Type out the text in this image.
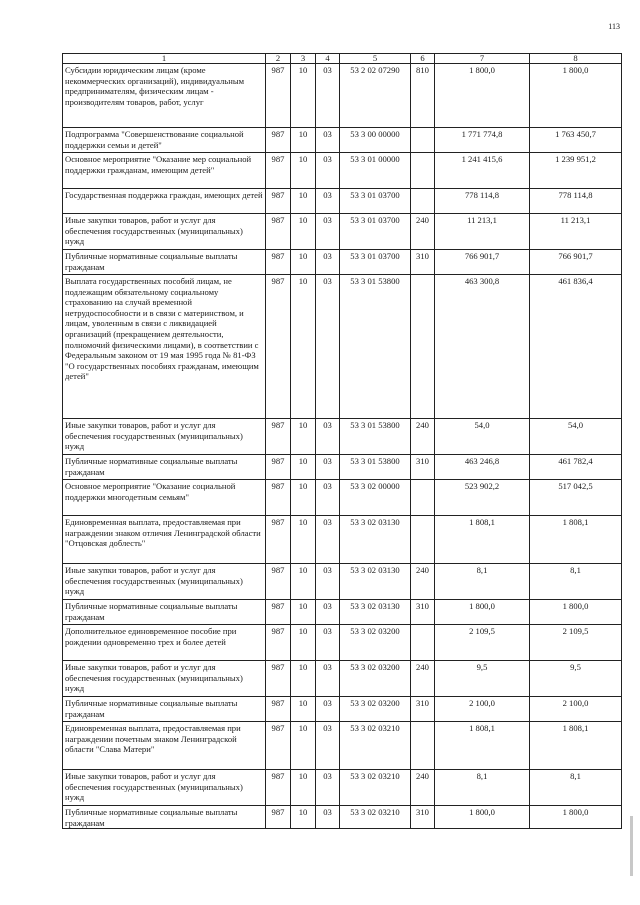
113
1	2	3	4	5	6	7	8
Субсидии юридическим лицам (кроме некоммерческих организаций), индивидуальным предпринимателям, физическим лицам - производителям товаров, работ, услуг	987	10	03	53 2 02 07290	810	1 800,0	1 800,0
Подпрограмма "Совершенствование социальной поддержки семьи и детей"	987	10	03	53 3 00 00000		1 771 774,8	1 763 450,7
Основное мероприятие "Оказание мер социальной поддержки гражданам, имеющим детей"	987	10	03	53 3 01 00000		1 241 415,6	1 239 951,2
Государственная поддержка граждан, имеющих детей	987	10	03	53 3 01 03700		778 114,8	778 114,8
Иные закупки товаров, работ и услуг для обеспечения государственных (муниципальных) нужд	987	10	03	53 3 01 03700	240	11 213,1	11 213,1
Публичные нормативные социальные выплаты гражданам	987	10	03	53 3 01 03700	310	766 901,7	766 901,7
Выплата государственных пособий лицам, не подлежащим обязательному социальному страхованию на случай временной нетрудоспособности и в связи с материнством, и лицам, уволенным в связи с ликвидацией организаций (прекращением деятельности, полномочий физическими лицами), в соответствии с Федеральным законом от 19 мая 1995 года № 81-ФЗ "О государственных пособиях гражданам, имеющим детей"	987	10	03	53 3 01 53800		463 300,8	461 836,4
Иные закупки товаров, работ и услуг для обеспечения государственных (муниципальных) нужд	987	10	03	53 3 01 53800	240	54,0	54,0
Публичные нормативные социальные выплаты гражданам	987	10	03	53 3 01 53800	310	463 246,8	461 782,4
Основное мероприятие "Оказание социальной поддержки многодетным семьям"	987	10	03	53 3 02 00000		523 902,2	517 042,5
Единовременная выплата, предоставляемая при награждении знаком отличия Ленинградской области "Отцовская доблесть"	987	10	03	53 3 02 03130		1 808,1	1 808,1
Иные закупки товаров, работ и услуг для обеспечения государственных (муниципальных) нужд	987	10	03	53 3 02 03130	240	8,1	8,1
Публичные нормативные социальные выплаты гражданам	987	10	03	53 3 02 03130	310	1 800,0	1 800,0
Дополнительное единовременное пособие при рождении одновременно трех и более детей	987	10	03	53 3 02 03200		2 109,5	2 109,5
Иные закупки товаров, работ и услуг для обеспечения государственных (муниципальных) нужд	987	10	03	53 3 02 03200	240	9,5	9,5
Публичные нормативные социальные выплаты гражданам	987	10	03	53 3 02 03200	310	2 100,0	2 100,0
Единовременная выплата, предоставляемая при награждении почетным знаком Ленинградской области "Слава Матери"	987	10	03	53 3 02 03210		1 808,1	1 808,1
Иные закупки товаров, работ и услуг для обеспечения государственных (муниципальных) нужд	987	10	03	53 3 02 03210	240	8,1	8,1
Публичные нормативные социальные выплаты гражданам	987	10	03	53 3 02 03210	310	1 800,0	1 800,0
